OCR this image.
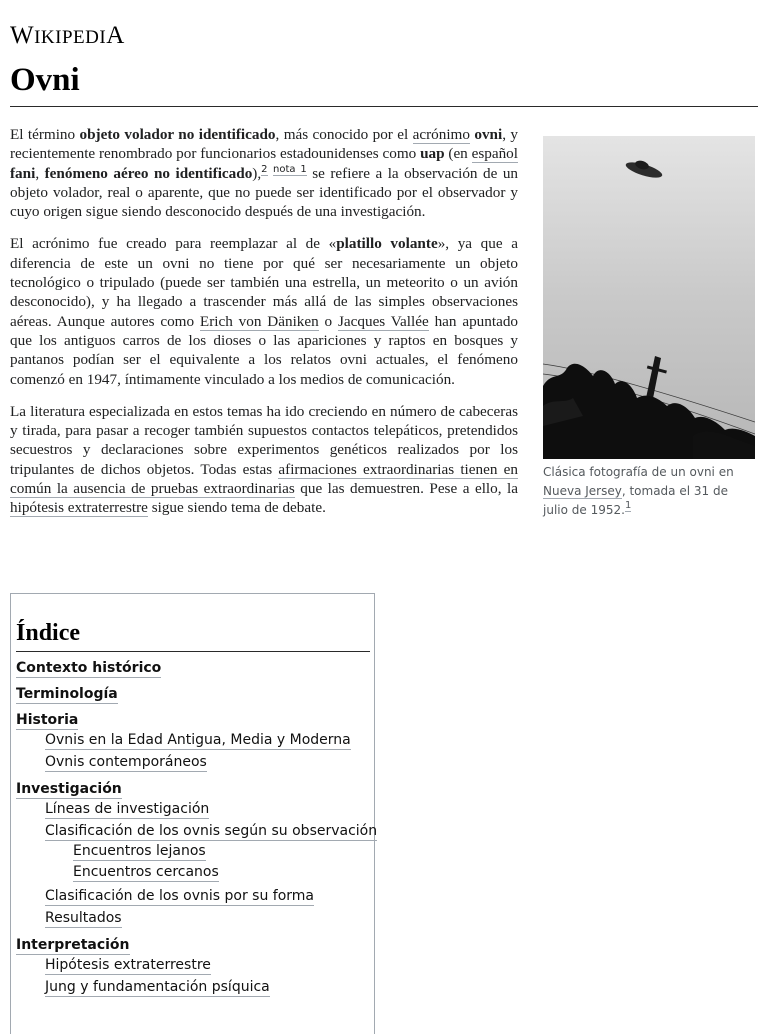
WIKIPEDIA
Ovni

El término objeto volador no identificado, más conocido por el acrónimo ovni, y recientemente renombrado por funcionarios estadounidenses como uap (en español fani, fenómeno aéreo no identificado),$^2$ $^{nota 1}$ se refiere a la observación de un objeto volador, real o aparente, que no puede ser identificado por el observador y cuyo origen sigue siendo desconocido después de una investigación.

El acrónimo fue creado para reemplazar al de «platillo volante», ya que a diferencia de este un ovni no tiene por qué ser necesariamente un objeto tecnológico o tripulado (puede ser también una estrella, un meteorito o un avión desconocido), y ha llegado a trascender más allá de las simples observaciones aéreas. Aunque autores como Erich von Däniken o Jacques Vallée han apuntado que los antiguos carros de los dioses o las apariciones y raptos en bosques y pantanos podían ser el equivalente a los relatos ovni actuales, el fenómeno comenzó en 1947, íntimamente vinculado a los medios de comunicación.

La literatura especializada en estos temas ha ido creciendo en número de cabeceras y tirada, para pasar a recoger también supuestos contactos telepáticos, pretendidos secuestros y declaraciones sobre experimentos genéticos realizados por los tripulantes de dichos objetos. Todas estas afirmaciones extraordinarias tienen en común la ausencia de pruebas extraordinarias que las demuestren. Pese a ello, la hipótesis extraterrestre sigue siendo tema de debate.

Clásica fotografía de un ovni en Nueva Jersey, tomada el 31 de julio de 1952.$^1$
Índice
Contexto histórico
Terminología
Historia
Ovnis en la Edad Antigua, Media y Moderna
Ovnis contemporáneos
Investigación
Líneas de investigación
Clasificación de los ovnis según su observación
Encuentros lejanos
Encuentros cercanos
Clasificación de los ovnis por su forma
Resultados
Interpretación
Hipótesis extraterrestre
Jung y fundamentación psíquica
